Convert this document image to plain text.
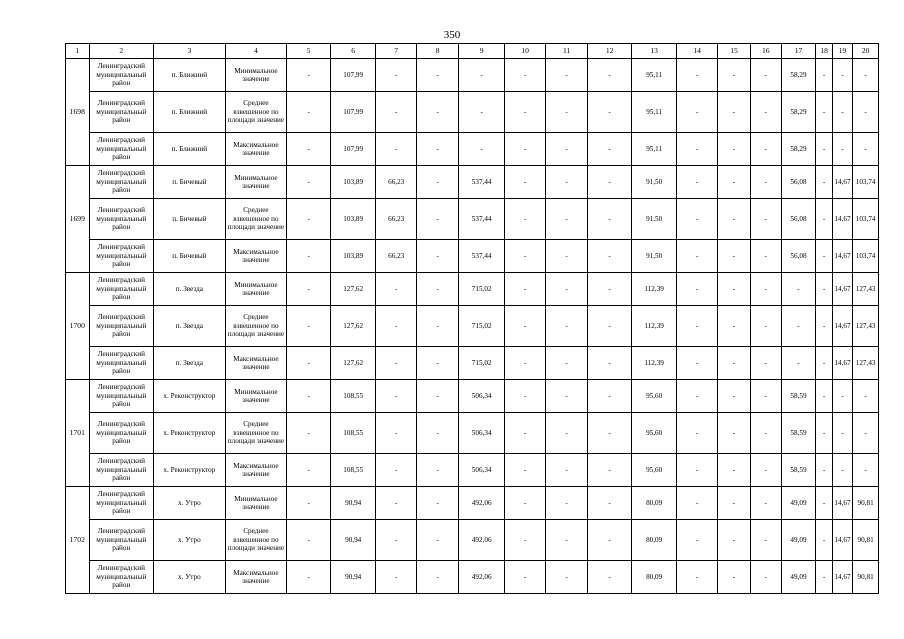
350
1	2	3	4	5	6	7	8	9	10	11	12	13	14	15	16	17	18	19	20
1698	Ленинградский муниципальный район	п. Ближний	Минимальное значение	-	107,99	-	-	-	-	-	-	95,11	-	-	-	58,29	-	-	-
	Ленинградский муниципальный район	п. Ближний	Среднее взвешенное по площади значение	-	107,99	-	-	-	-	-	-	95,11	-	-	-	58,29	-	-	-
	Ленинградский муниципальный район	п. Ближний	Максимальное значение	-	107,99	-	-	-	-	-	-	95,11	-	-	-	58,29	-	-	-
1699	Ленинградский муниципальный район	п. Бичевый	Минимальное значение	-	103,89	66,23	-	537,44	-	-	-	91,50	-	-	-	56,08	-	14,67	103,74
	Ленинградский муниципальный район	п. Бичевый	Среднее взвешенное по площади значение	-	103,89	66,23	-	537,44	-	-	-	91,50	-	-	-	56,08	-	14,67	103,74
	Ленинградский муниципальный район	п. Бичевый	Максимальное значение	-	103,89	66,23	-	537,44	-	-	-	91,50	-	-	-	56,08	-	14,67	103,74
1700	Ленинградский муниципальный район	п. Звезда	Минимальное значение	-	127,62	-	-	715,02	-	-	-	112,39	-	-	-	-	-	14,67	127,43
	Ленинградский муниципальный район	п. Звезда	Среднее взвешенное по площади значение	-	127,62	-	-	715,02	-	-	-	112,39	-	-	-	-	-	14,67	127,43
	Ленинградский муниципальный район	п. Звезда	Максимальное значение	-	127,62	-	-	715,02	-	-	-	112,39	-	-	-	-	-	14,67	127,43
1701	Ленинградский муниципальный район	х. Реконструктор	Минимальное значение	-	108,55	-	-	506,34	-	-	-	95,60	-	-	-	58,59	-	-	-
	Ленинградский муниципальный район	х. Реконструктор	Среднее взвешенное по площади значение	-	108,55	-	-	506,34	-	-	-	95,60	-	-	-	58,59	-	-	-
	Ленинградский муниципальный район	х. Реконструктор	Максимальное значение	-	108,55	-	-	506,34	-	-	-	95,60	-	-	-	58,59	-	-	-
1702	Ленинградский муниципальный район	х. Утро	Минимальное значение	-	90,94	-	-	492,06	-	-	-	80,09	-	-	-	49,09	-	14,67	90,81
	Ленинградский муниципальный район	х. Утро	Среднее взвешенное по площади значение	-	90,94	-	-	492,06	-	-	-	80,09	-	-	-	49,09	-	14,67	90,81
	Ленинградский муниципальный район	х. Утро	Максимальное значение	-	90,94	-	-	492,06	-	-	-	80,09	-	-	-	49,09	-	14,67	90,81
